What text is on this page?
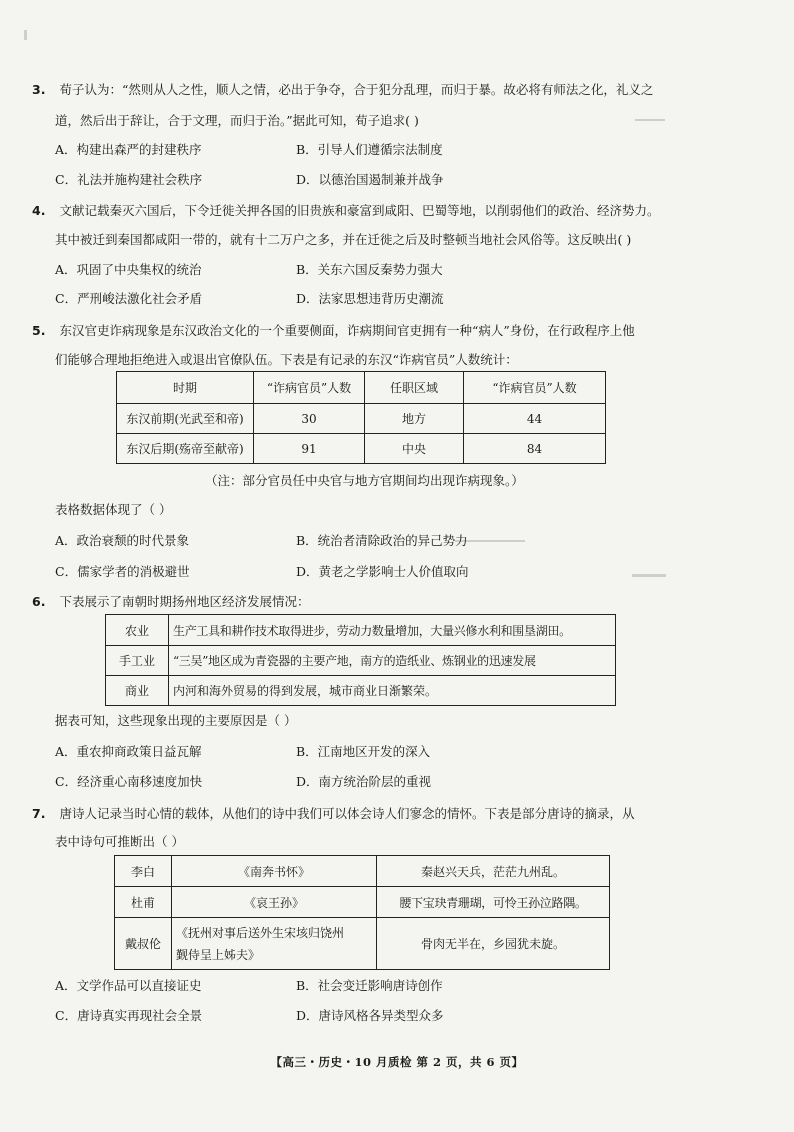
3. 荀子认为：“然则从人之性，顺人之情，必出于争夺，合于犯分乱理，而归于暴。故必将有师法之化，礼义之
道，然后出于辞让，合于文理，而归于治。”据此可知，荀子追求( )
A．构建出森严的封建秩序	B．引导人们遵循宗法制度
C．礼法并施构建社会秩序	D．以德治国遏制兼并战争
4. 文献记载秦灭六国后，下令迁徙关押各国的旧贵族和豪富到咸阳、巴蜀等地，以削弱他们的政治、经济势力。
其中被迁到秦国都咸阳一带的，就有十二万户之多，并在迁徙之后及时整顿当地社会风俗等。这反映出( )
A．巩固了中央集权的统治	B．关东六国反秦势力强大
C．严刑峻法激化社会矛盾	D．法家思想违背历史潮流
5. 东汉官吏诈病现象是东汉政治文化的一个重要侧面，诈病期间官吏拥有一种“病人”身份，在行政程序上他
们能够合理地拒绝进入或退出官僚队伍。下表是有记录的东汉“诈病官员”人数统计：
时期	“诈病官员”人数	任职区域	“诈病官员”人数
东汉前期(光武至和帝)	30	地方	44
东汉后期(殇帝至献帝)	91	中央	84
（注：部分官员任中央官与地方官期间均出现诈病现象。）
表格数据体现了（ ）
A．政治衰颓的时代景象	B．统治者清除政治的异己势力
C．儒家学者的消极避世	D．黄老之学影响士人价值取向
6. 下表展示了南朝时期扬州地区经济发展情况：
农业	生产工具和耕作技术取得进步，劳动力数量增加，大量兴修水利和围垦湖田。
手工业	“三吴”地区成为青瓷器的主要产地，南方的造纸业、炼钢业的迅速发展
商业	内河和海外贸易的得到发展，城市商业日渐繁荣。
据表可知，这些现象出现的主要原因是（ ）
A．重农抑商政策日益瓦解	B．江南地区开发的深入
C．经济重心南移速度加快	D．南方统治阶层的重视
7. 唐诗人记录当时心情的载体，从他们的诗中我们可以体会诗人们寥念的情怀。下表是部分唐诗的摘录，从
表中诗句可推断出（ ）
李白	《南奔书怀》	秦赵兴天兵，茫茫九州乱。
杜甫	《哀王孙》	腰下宝玦青珊瑚，可怜王孙泣路隅。
戴叔伦	《抚州对事后送外生宋垓归饶州
觐侍呈上姊夫》	骨肉无半在，乡园犹未旋。
A．文学作品可以直接证史	B．社会变迁影响唐诗创作
C．唐诗真实再现社会全景	D．唐诗风格各异类型众多
【高三・历史・10 月质检 第 2 页，共 6 页】
